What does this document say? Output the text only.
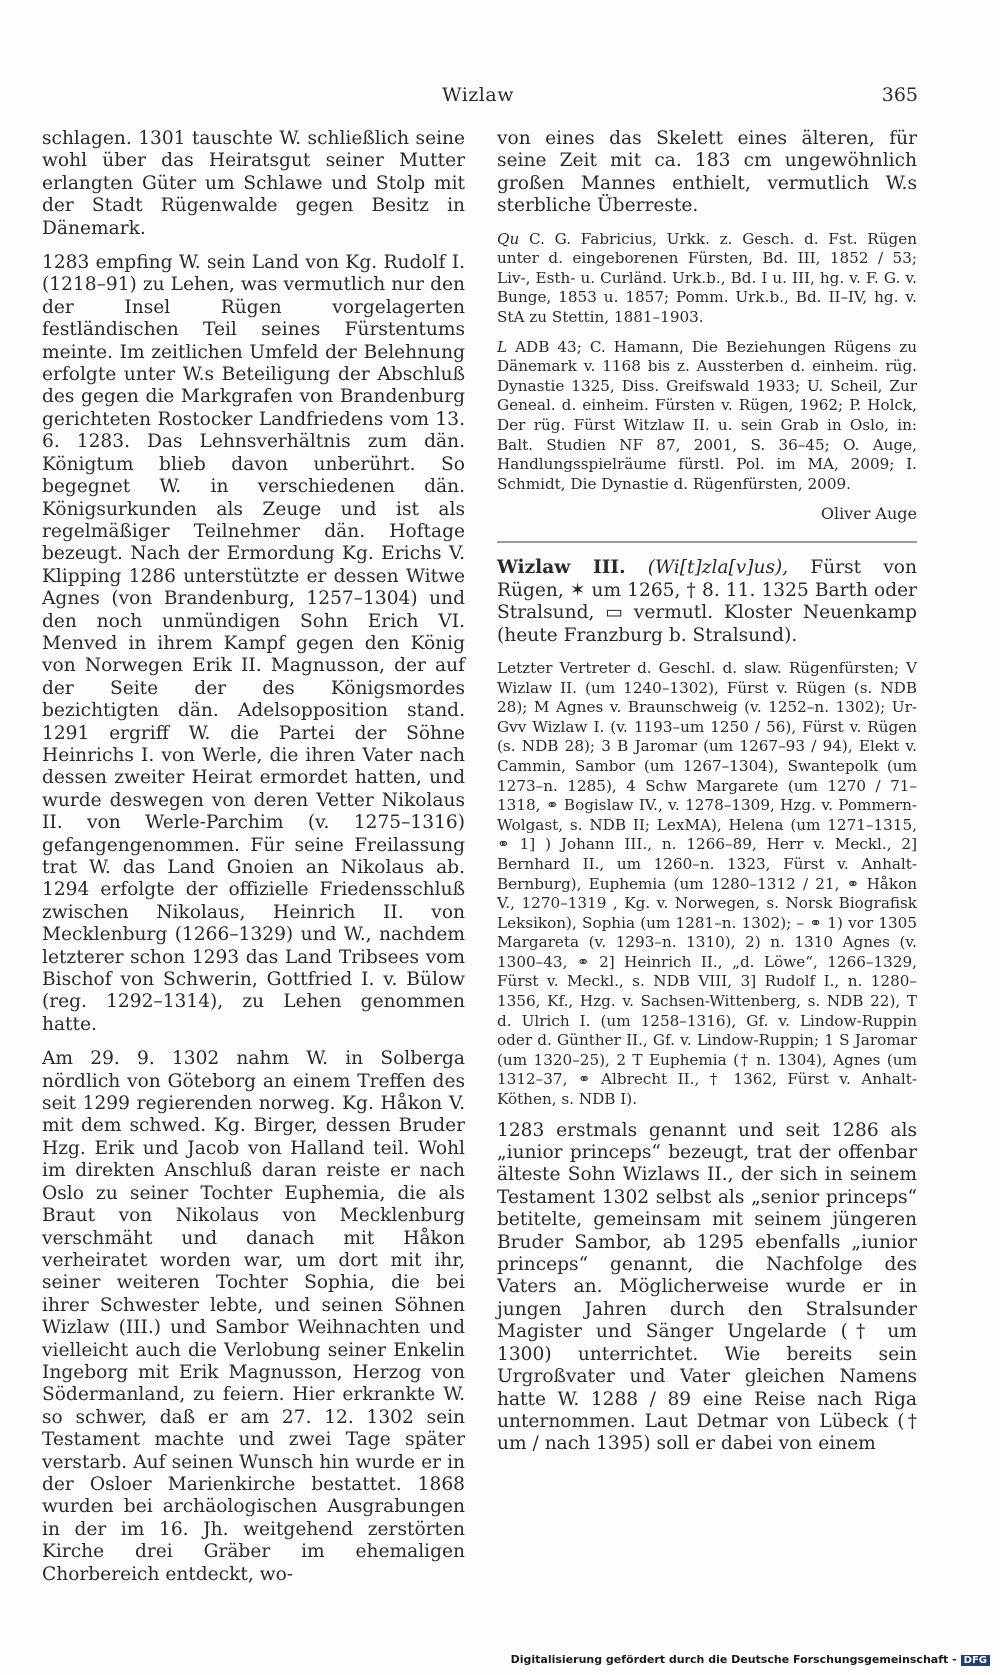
Wizlaw	365

schlagen. 1301 tauschte W. schließlich seine wohl über das Heiratsgut seiner Mutter erlangten Güter um Schlawe und Stolp mit der Stadt Rügenwalde gegen Besitz in Dänemark.

1283 empfing W. sein Land von Kg. Rudolf I. (1218–91) zu Lehen, was vermutlich nur den der Insel Rügen vorgelagerten festländischen Teil seines Fürstentums meinte. Im zeitlichen Umfeld der Belehnung erfolgte unter W.s Beteiligung der Abschluß des gegen die Markgrafen von Brandenburg gerichteten Rostocker Landfriedens vom 13. 6. 1283. Das Lehnsverhältnis zum dän. Königtum blieb davon unberührt. So begegnet W. in verschiedenen dän. Königsurkunden als Zeuge und ist als regelmäßiger Teilnehmer dän. Hoftage bezeugt. Nach der Ermordung Kg. Erichs V. Klipping 1286 unterstützte er dessen Witwe Agnes (von Brandenburg, 1257–1304) und den noch unmündigen Sohn Erich VI. Menved in ihrem Kampf gegen den König von Norwegen Erik II. Magnusson, der auf der Seite der des Königsmordes bezichtigten dän. Adelsopposition stand. 1291 ergriff W. die Partei der Söhne Heinrichs I. von Werle, die ihren Vater nach dessen zweiter Heirat ermordet hatten, und wurde deswegen von deren Vetter Nikolaus II. von Werle-Parchim (v. 1275–1316) gefangengenommen. Für seine Freilassung trat W. das Land Gnoien an Nikolaus ab. 1294 erfolgte der offizielle Friedensschluß zwischen Nikolaus, Heinrich II. von Mecklenburg (1266–1329) und W., nachdem letzterer schon 1293 das Land Tribsees vom Bischof von Schwerin, Gottfried I. v. Bülow (reg. 1292–1314), zu Lehen genommen hatte.

Am 29. 9. 1302 nahm W. in Solberga nördlich von Göteborg an einem Treffen des seit 1299 regierenden norweg. Kg. Håkon V. mit dem schwed. Kg. Birger, dessen Bruder Hzg. Erik und Jacob von Halland teil. Wohl im direkten Anschluß daran reiste er nach Oslo zu seiner Tochter Euphemia, die als Braut von Nikolaus von Mecklenburg verschmäht und danach mit Håkon verheiratet worden war, um dort mit ihr, seiner weiteren Tochter Sophia, die bei ihrer Schwester lebte, und seinen Söhnen Wizlaw (III.) und Sambor Weihnachten und vielleicht auch die Verlobung seiner Enkelin Ingeborg mit Erik Magnusson, Herzog von Södermanland, zu feiern. Hier erkrankte W. so schwer, daß er am 27. 12. 1302 sein Testament machte und zwei Tage später verstarb. Auf seinen Wunsch hin wurde er in der Osloer Marienkirche bestattet. 1868 wurden bei archäologischen Ausgrabungen in der im 16. Jh. weitgehend zerstörten Kirche drei Gräber im ehemaligen Chorbereich entdeckt, wo-

von eines das Skelett eines älteren, für seine Zeit mit ca. 183 cm ungewöhnlich großen Mannes enthielt, vermutlich W.s sterbliche Überreste.

Qu C. G. Fabricius, Urkk. z. Gesch. d. Fst. Rügen unter d. eingeborenen Fürsten, Bd. III, 1852 / 53; Liv-, Esth- u. Curländ. Urk.b., Bd. I u. III, hg. v. F. G. v. Bunge, 1853 u. 1857; Pomm. Urk.b., Bd. II–IV, hg. v. StA zu Stettin, 1881–1903.

L ADB 43; C. Hamann, Die Beziehungen Rügens zu Dänemark v. 1168 bis z. Aussterben d. einheim. rüg. Dynastie 1325, Diss. Greifswald 1933; U. Scheil, Zur Geneal. d. einheim. Fürsten v. Rügen, 1962; P. Holck, Der rüg. Fürst Witzlaw II. u. sein Grab in Oslo, in: Balt. Studien NF 87, 2001, S. 36–45; O. Auge, Handlungsspielräume fürstl. Pol. im MA, 2009; I. Schmidt, Die Dynastie d. Rügenfürsten, 2009.

Oliver Auge

Wizlaw III. (Wi[t]zla[v]us), Fürst von Rügen, ✶ um 1265, † 8. 11. 1325 Barth oder Stralsund, ▭ vermutl. Kloster Neuenkamp (heute Franzburg b. Stralsund).

Letzter Vertreter d. Geschl. d. slaw. Rügenfürsten; V Wizlaw II. (um 1240–1302), Fürst v. Rügen (s. NDB 28); M Agnes v. Braunschweig (v. 1252–n. 1302); Ur-Gvv Wizlaw I. (v. 1193–um 1250 / 56), Fürst v. Rügen (s. NDB 28); 3 B Jaromar (um 1267–93 / 94), Elekt v. Cammin, Sambor (um 1267–1304), Swantepolk (um 1273–n. 1285), 4 Schw Margarete (um 1270 / 71–1318, ⚭ Bogislaw IV., v. 1278–1309, Hzg. v. Pommern-Wolgast, s. NDB II; LexMA), Helena (um 1271–1315, ⚭ 1] ) Johann III., n. 1266–89, Herr v. Meckl., 2] Bernhard II., um 1260–n. 1323, Fürst v. Anhalt-Bernburg), Euphemia (um 1280–1312 / 21, ⚭ Håkon V., 1270–1319 , Kg. v. Norwegen, s. Norsk Biografisk Leksikon), Sophia (um 1281–n. 1302); – ⚭ 1) vor 1305 Margareta (v. 1293–n. 1310), 2) n. 1310 Agnes (v. 1300–43, ⚭ 2] Heinrich II., „d. Löwe“, 1266–1329, Fürst v. Meckl., s. NDB VIII, 3] Rudolf I., n. 1280–1356, Kf., Hzg. v. Sachsen-Wittenberg, s. NDB 22), T d. Ulrich I. (um 1258–1316), Gf. v. Lindow-Ruppin oder d. Günther II., Gf. v. Lindow-Ruppin; 1 S Jaromar (um 1320–25), 2 T Euphemia († n. 1304), Agnes (um 1312–37, ⚭ Albrecht II., † 1362, Fürst v. Anhalt-Köthen, s. NDB I).

1283 erstmals genannt und seit 1286 als „iunior princeps“ bezeugt, trat der offenbar älteste Sohn Wizlaws II., der sich in seinem Testament 1302 selbst als „senior princeps“ betitelte, gemeinsam mit seinem jüngeren Bruder Sambor, ab 1295 ebenfalls „iunior princeps“ genannt, die Nachfolge des Vaters an. Möglicherweise wurde er in jungen Jahren durch den Stralsunder Magister und Sänger Ungelarde († um 1300) unterrichtet. Wie bereits sein Urgroßvater und Vater gleichen Namens hatte W. 1288 / 89 eine Reise nach Riga unternommen. Laut Detmar von Lübeck († um / nach 1395) soll er dabei von einem

Digitalisierung gefördert durch die Deutsche Forschungsgemeinschaft - DFG
